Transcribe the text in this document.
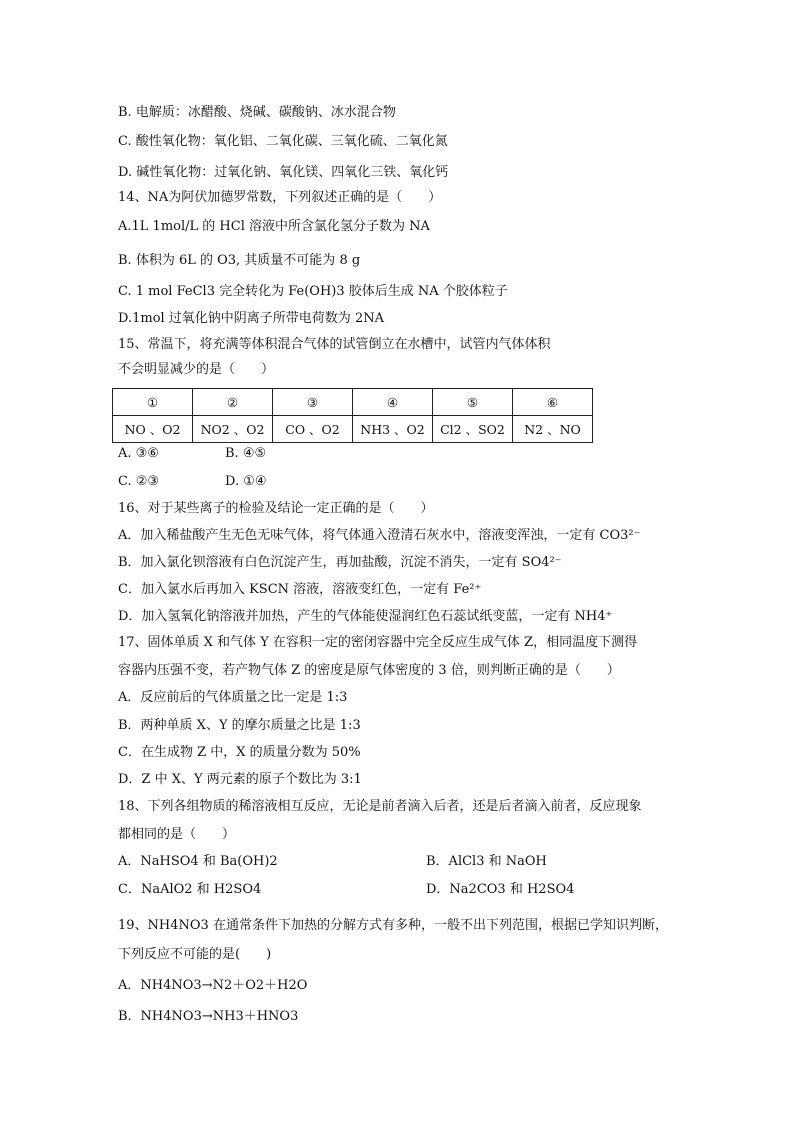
B. 电解质：冰醋酸、烧碱、碳酸钠、冰水混合物
C. 酸性氧化物：氧化铝、二氧化碳、三氧化硫、二氧化氮
D. 碱性氧化物：过氧化钠、氧化镁、四氧化三铁、氧化钙
14、NA为阿伏加德罗常数，下列叙述正确的是（　　）
A.1L 1mol/L 的 HCl 溶液中所含氯化氢分子数为 NA
B. 体积为 6L 的 O3, 其质量不可能为 8 g
C. 1 mol FeCl3 完全转化为 Fe(OH)3 胶体后生成 NA 个胶体粒子
D.1mol 过氧化钠中阴离子所带电荷数为 2NA
15、常温下，将充满等体积混合气体的试管倒立在水槽中，试管内气体体积
不会明显减少的是（　　）
①	②	③	④	⑤	⑥
NO 、O2	NO2 、O2	CO 、O2	NH3 、O2	Cl2 、SO2	N2 、NO
A. ③⑥	B. ④⑤
C. ②③	D. ①④
16、对于某些离子的检验及结论一定正确的是（　　）
A．加入稀盐酸产生无色无味气体，将气体通入澄清石灰水中，溶液变浑浊，一定有 CO3²⁻
B．加入氯化钡溶液有白色沉淀产生，再加盐酸，沉淀不消失，一定有 SO4²⁻
C．加入氯水后再加入 KSCN 溶液，溶液变红色，一定有 Fe²⁺
D．加入氢氧化钠溶液并加热，产生的气体能使湿润红色石蕊试纸变蓝，一定有 NH4⁺
17、固体单质 X 和气体 Y 在容积一定的密闭容器中完全反应生成气体 Z，相同温度下测得
容器内压强不变，若产物气体 Z 的密度是原气体密度的 3 倍，则判断正确的是（　　）
A．反应前后的气体质量之比一定是 1:3
B．两种单质 X、Y 的摩尔质量之比是 1:3
C．在生成物 Z 中，X 的质量分数为 50%
D．Z 中 X、Y 两元素的原子个数比为 3:1
18、下列各组物质的稀溶液相互反应，无论是前者滴入后者，还是后者滴入前者，反应现象
都相同的是（　　）
A．NaHSO4 和 Ba(OH)2	B．AlCl3 和 NaOH
C．NaAlO2 和 H2SO4	D．Na2CO3 和 H2SO4
19、NH4NO3 在通常条件下加热的分解方式有多种，一般不出下列范围，根据已学知识判断，
下列反应不可能的是(　　)
A．NH4NO3→N2＋O2＋H2O
B．NH4NO3→NH3＋HNO3
